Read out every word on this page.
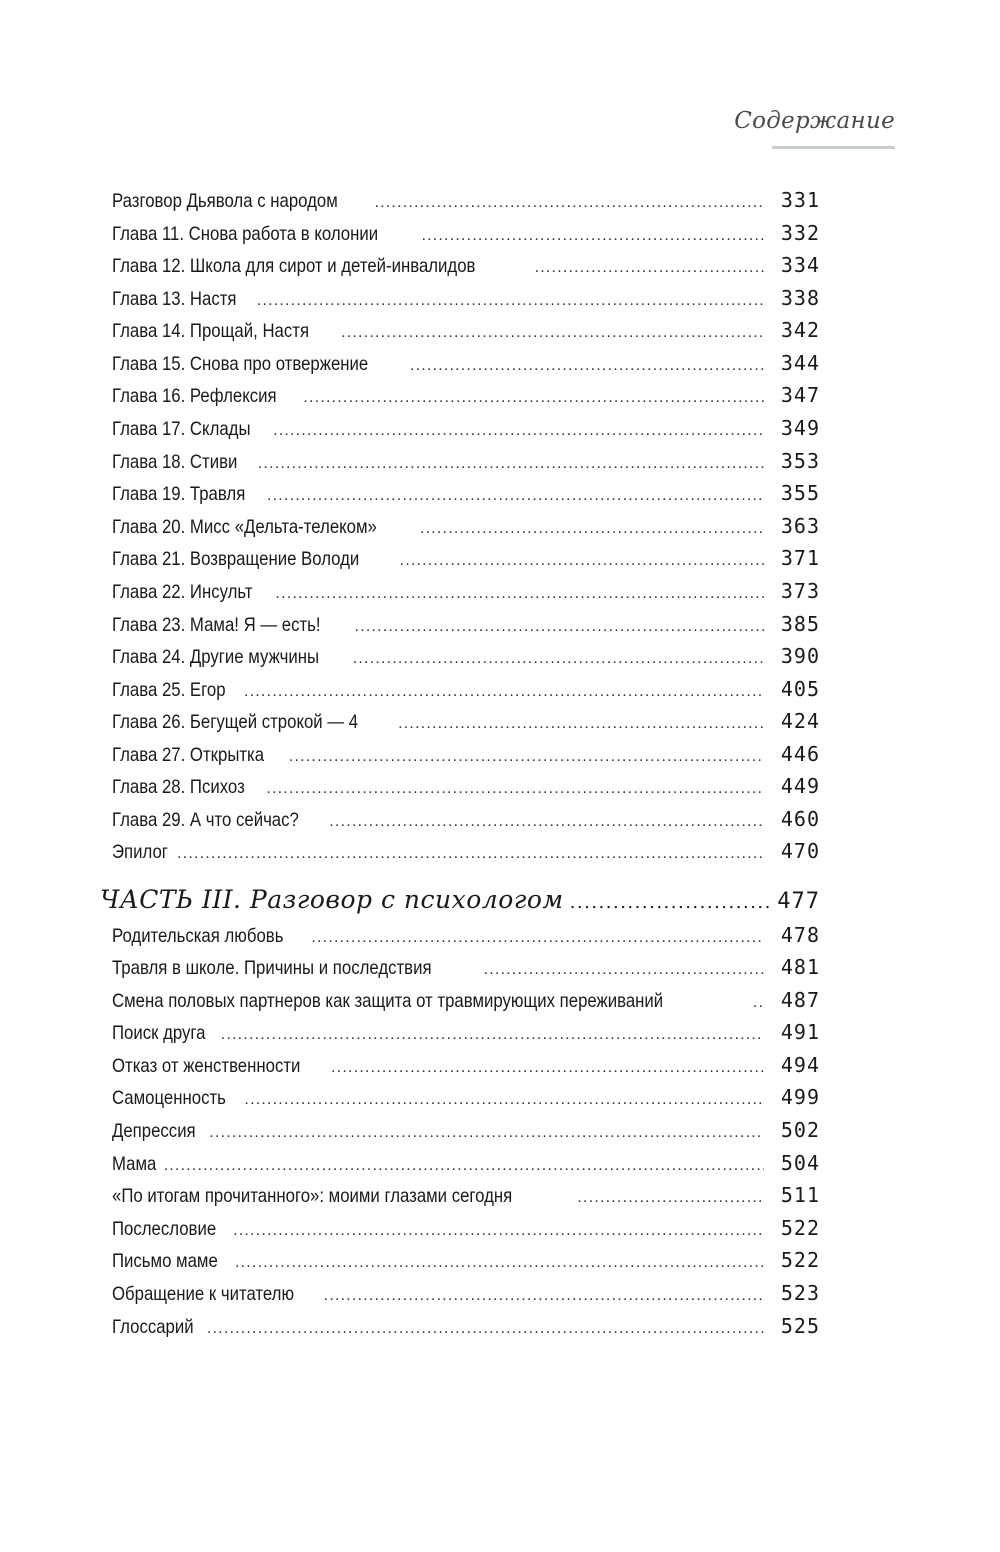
Содержание
Разговор Дьявола с народом .....	331
Глава 11. Снова работа в колонии .....	332
Глава 12. Школа для сирот и детей-инвалидов .....	334
Глава 13. Настя .....	338
Глава 14. Прощай, Настя .....	342
Глава 15. Снова про отвержение .....	344
Глава 16. Рефлексия .....	347
Глава 17. Склады .....	349
Глава 18. Стиви .....	353
Глава 19. Травля .....	355
Глава 20. Мисс «Дельта-телеком» .....	363
Глава 21. Возвращение Володи .....	371
Глава 22. Инсульт .....	373
Глава 23. Мама! Я — есть! .....	385
Глава 24. Другие мужчины .....	390
Глава 25. Егор .....	405
Глава 26. Бегущей строкой — 4 .....	424
Глава 27. Открытка .....	446
Глава 28. Психоз .....	449
Глава 29. А что сейчас? .....	460
Эпилог .....	470
ЧАСТЬ III. Разговор с психологом .....	477
Родительская любовь .....	478
Травля в школе. Причины и последствия .....	481
Смена половых партнеров как защита от травмирующих переживаний .....	487
Поиск друга .....	491
Отказ от женственности .....	494
Самоценность .....	499
Депрессия .....	502
Мама .....	504
«По итогам прочитанного»: моими глазами сегодня .....	511
Послесловие .....	522
Письмо маме .....	522
Обращение к читателю .....	523
Глоссарий .....	525
